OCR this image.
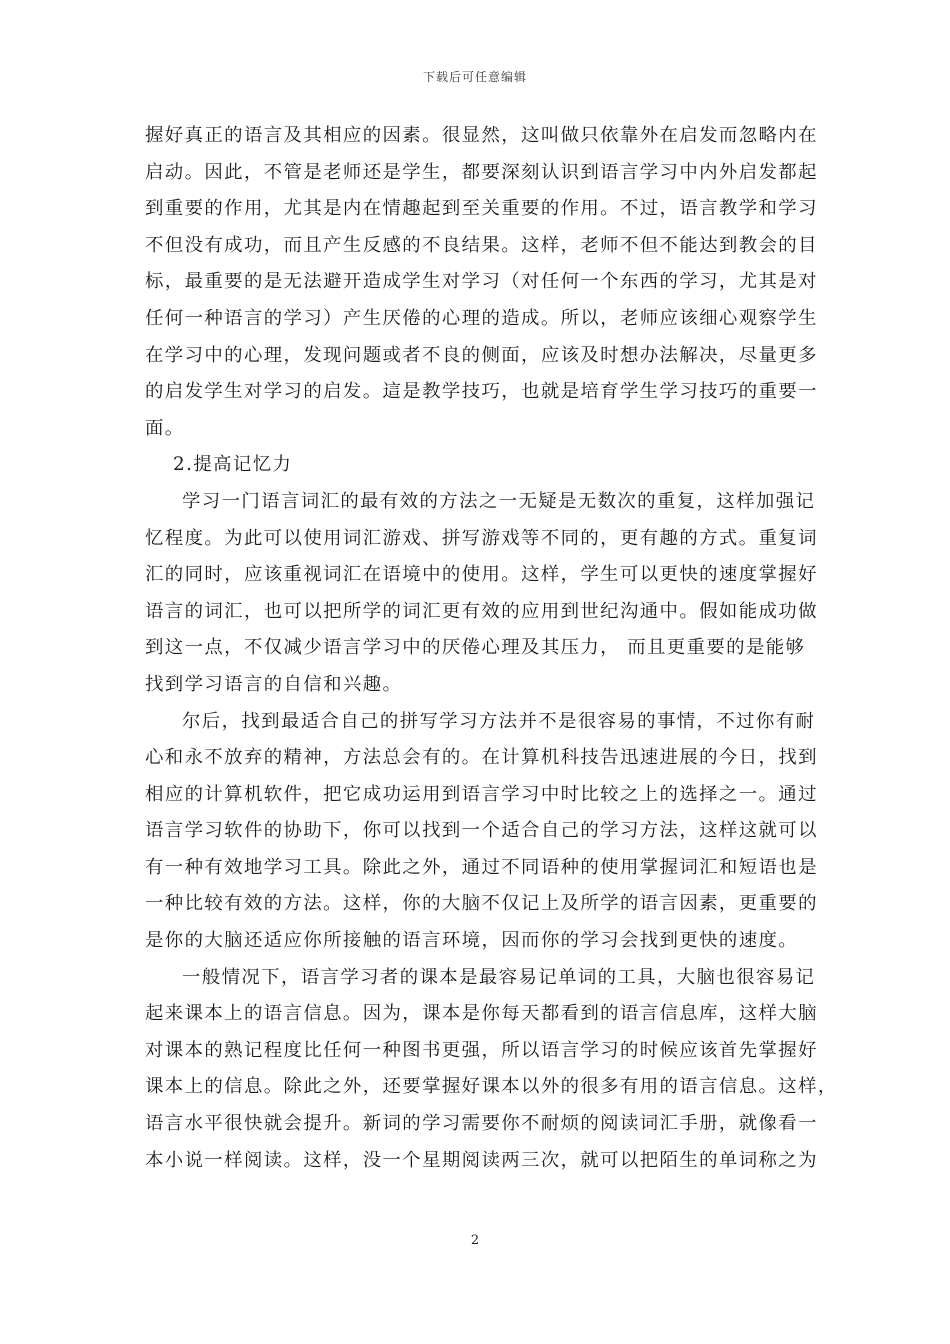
下载后可任意编辑
握好真正的语言及其相应的因素。很显然，这叫做只依靠外在启发而忽略内在
启动。因此，不管是老师还是学生，都要深刻认识到语言学习中内外启发都起
到重要的作用，尤其是内在情趣起到至关重要的作用。不过，语言教学和学习
不但没有成功，而且产生反感的不良结果。这样，老师不但不能达到教会的目
标，最重要的是无法避开造成学生对学习（对任何一个东西的学习，尤其是对
任何一种语言的学习）产生厌倦的心理的造成。所以，老师应该细心观察学生
在学习中的心理，发现问题或者不良的侧面，应该及时想办法解决，尽量更多
的启发学生对学习的启发。這是教学技巧，也就是培育学生学习技巧的重要一
面。
2.提高记忆力
学习一门语言词汇的最有效的方法之一无疑是无数次的重复，这样加强记
忆程度。为此可以使用词汇游戏、拼写游戏等不同的，更有趣的方式。重复词
汇的同时，应该重视词汇在语境中的使用。这样，学生可以更快的速度掌握好
语言的词汇，也可以把所学的词汇更有效的应用到世纪沟通中。假如能成功做
到这一点，不仅减少语言学习中的厌倦心理及其压力， 而且更重要的是能够
找到学习语言的自信和兴趣。
尔后，找到最适合自己的拼写学习方法并不是很容易的事情，不过你有耐
心和永不放弃的精神，方法总会有的。在计算机科技告迅速进展的今日，找到
相应的计算机软件，把它成功运用到语言学习中时比较之上的选择之一。通过
语言学习软件的协助下，你可以找到一个适合自己的学习方法，这样这就可以
有一种有效地学习工具。除此之外，通过不同语种的使用掌握词汇和短语也是
一种比较有效的方法。这样，你的大脑不仅记上及所学的语言因素，更重要的
是你的大脑还适应你所接触的语言环境，因而你的学习会找到更快的速度。
一般情况下，语言学习者的课本是最容易记单词的工具，大脑也很容易记
起来课本上的语言信息。因为，课本是你每天都看到的语言信息库，这样大脑
对课本的熟记程度比任何一种图书更强，所以语言学习的时候应该首先掌握好
课本上的信息。除此之外，还要掌握好课本以外的很多有用的语言信息。这样，
语言水平很快就会提升。新词的学习需要你不耐烦的阅读词汇手册，就像看一
本小说一样阅读。这样，没一个星期阅读两三次，就可以把陌生的单词称之为
2
